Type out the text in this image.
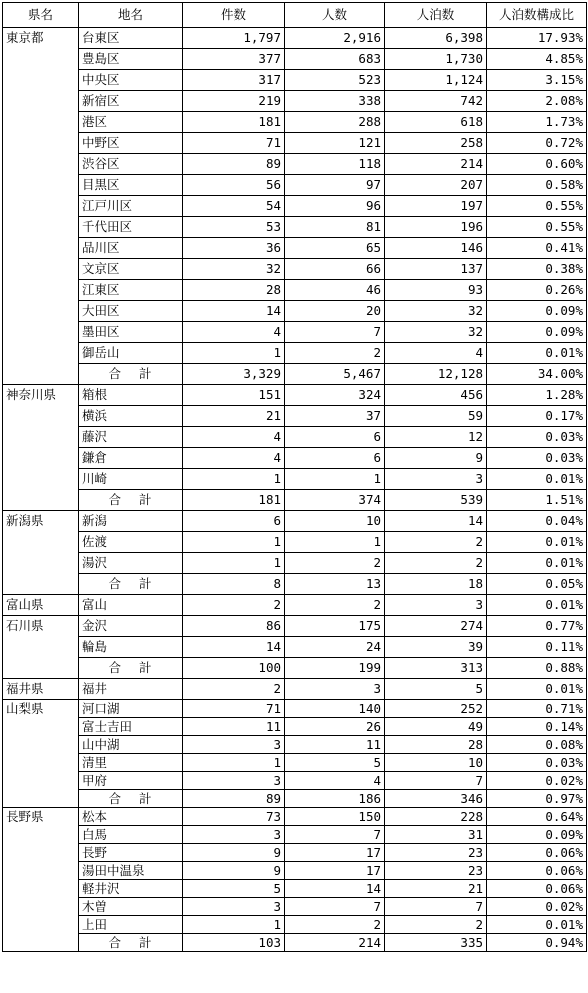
県名	地名	件数	人数	人泊数	人泊数構成比
東京都	台東区	1,797	2,916	6,398	17.93%
	豊島区	377	683	1,730	4.85%
	中央区	317	523	1,124	3.15%
	新宿区	219	338	742	2.08%
	港区	181	288	618	1.73%
	中野区	71	121	258	0.72%
	渋谷区	89	118	214	0.60%
	目黒区	56	97	207	0.58%
	江戸川区	54	96	197	0.55%
	千代田区	53	81	196	0.55%
	品川区	36	65	146	0.41%
	文京区	32	66	137	0.38%
	江東区	28	46	93	0.26%
	大田区	14	20	32	0.09%
	墨田区	4	7	32	0.09%
	御岳山	1	2	4	0.01%
	合計	3,329	5,467	12,128	34.00%
神奈川県	箱根	151	324	456	1.28%
	横浜	21	37	59	0.17%
	藤沢	4	6	12	0.03%
	鎌倉	4	6	9	0.03%
	川崎	1	1	3	0.01%
	合計	181	374	539	1.51%
新潟県	新潟	6	10	14	0.04%
	佐渡	1	1	2	0.01%
	湯沢	1	2	2	0.01%
	合計	8	13	18	0.05%
富山県	富山	2	2	3	0.01%
石川県	金沢	86	175	274	0.77%
	輪島	14	24	39	0.11%
	合計	100	199	313	0.88%
福井県	福井	2	3	5	0.01%
山梨県	河口湖	71	140	252	0.71%
	富士吉田	11	26	49	0.14%
	山中湖	3	11	28	0.08%
	清里	1	5	10	0.03%
	甲府	3	4	7	0.02%
	合計	89	186	346	0.97%
長野県	松本	73	150	228	0.64%
	白馬	3	7	31	0.09%
	長野	9	17	23	0.06%
	湯田中温泉	9	17	23	0.06%
	軽井沢	5	14	21	0.06%
	木曽	3	7	7	0.02%
	上田	1	2	2	0.01%
	合計	103	214	335	0.94%
